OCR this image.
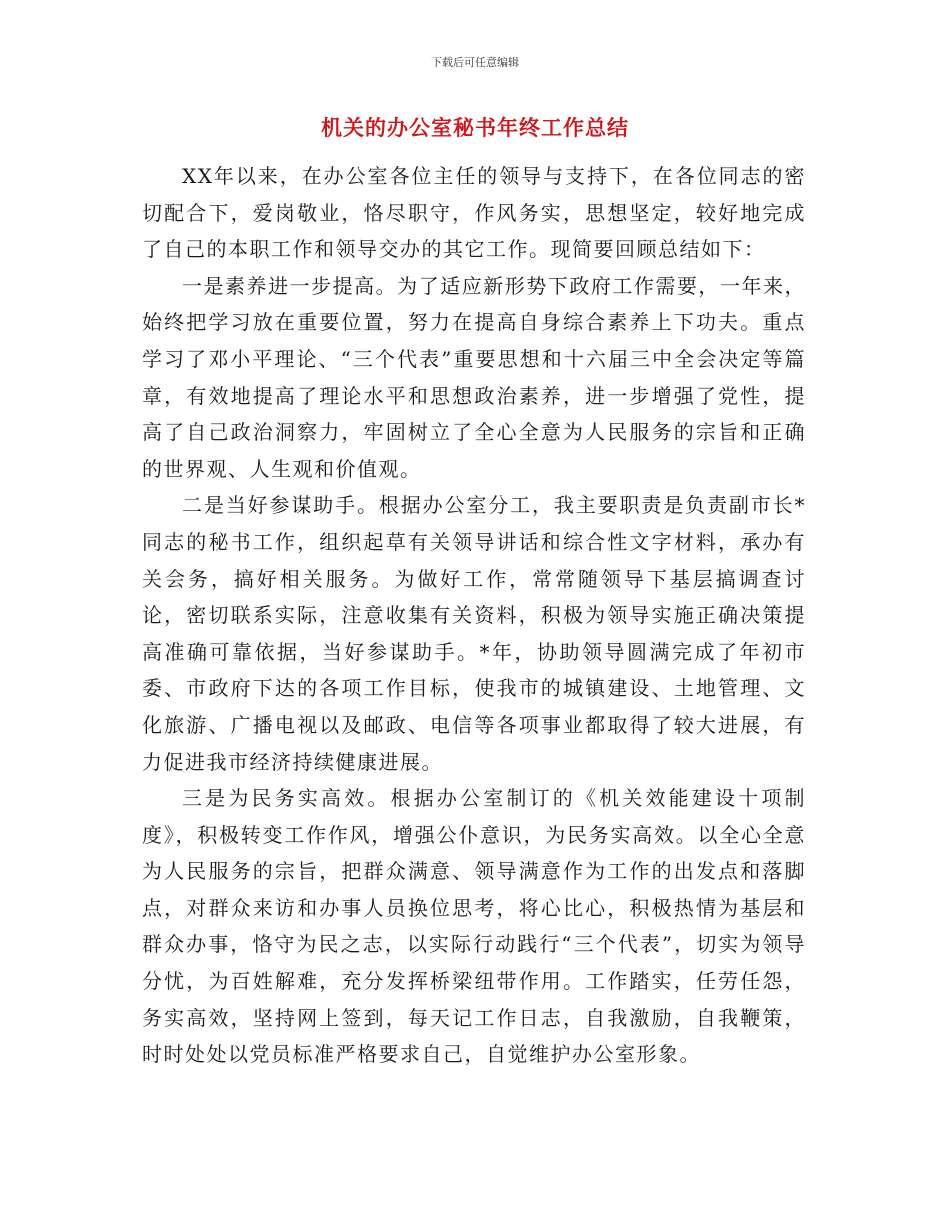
下载后可任意编辑
机关的办公室秘书年终工作总结

XX年以来，在办公室各位主任的领导与支持下，在各位同志的密切配合下，爱岗敬业，恪尽职守，作风务实，思想坚定，较好地完成了自己的本职工作和领导交办的其它工作。现简要回顾总结如下：

一是素养进一步提高。为了适应新形势下政府工作需要，一年来，始终把学习放在重要位置，努力在提高自身综合素养上下功夫。重点学习了邓小平理论、“三个代表”重要思想和十六届三中全会决定等篇章，有效地提高了理论水平和思想政治素养，进一步增强了党性，提高了自己政治洞察力，牢固树立了全心全意为人民服务的宗旨和正确的世界观、人生观和价值观。

二是当好参谋助手。根据办公室分工，我主要职责是负责副市长*同志的秘书工作，组织起草有关领导讲话和综合性文字材料，承办有关会务，搞好相关服务。为做好工作，常常随领导下基层搞调查讨论，密切联系实际，注意收集有关资料，积极为领导实施正确决策提高准确可靠依据，当好参谋助手。*年，协助领导圆满完成了年初市委、市政府下达的各项工作目标，使我市的城镇建设、土地管理、文化旅游、广播电视以及邮政、电信等各项事业都取得了较大进展，有力促进我市经济持续健康进展。

三是为民务实高效。根据办公室制订的《机关效能建设十项制度》，积极转变工作作风，增强公仆意识，为民务实高效。以全心全意为人民服务的宗旨，把群众满意、领导满意作为工作的出发点和落脚点，对群众来访和办事人员换位思考，将心比心，积极热情为基层和群众办事，恪守为民之志，以实际行动践行“三个代表”，切实为领导分忧，为百姓解难，充分发挥桥梁纽带作用。工作踏实，任劳任怨，务实高效，坚持网上签到，每天记工作日志，自我激励，自我鞭策，时时处处以党员标准严格要求自己，自觉维护办公室形象。
